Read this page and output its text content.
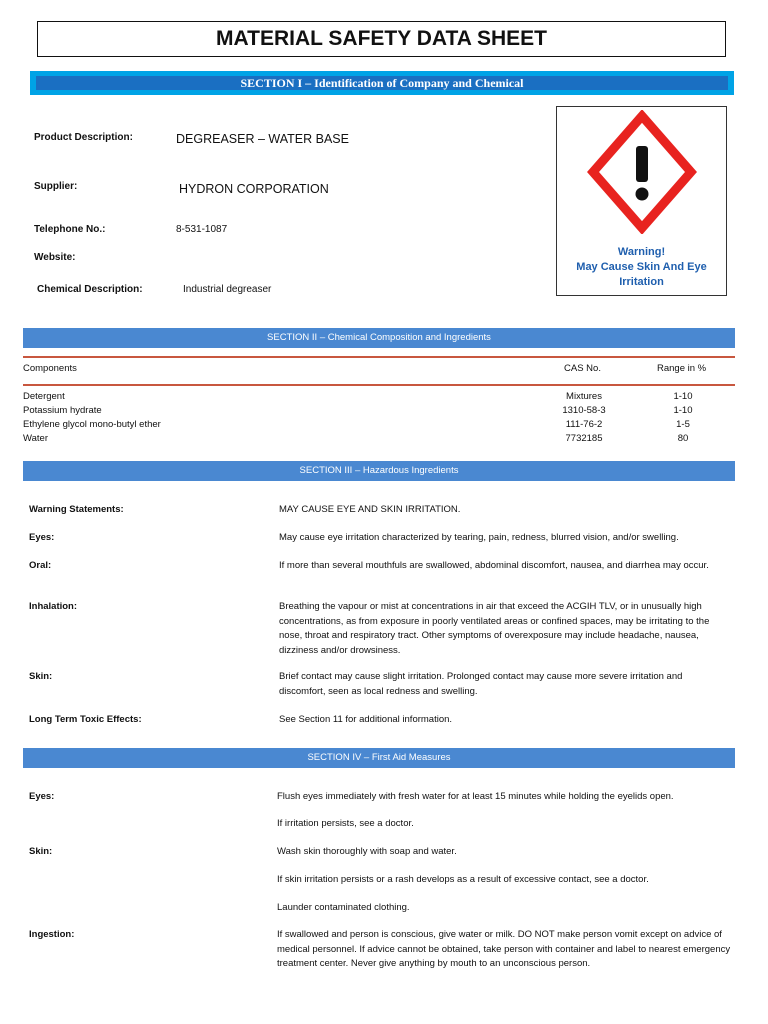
MATERIAL SAFETY DATA SHEET
SECTION I – Identification of Company and Chemical
Product Description:	DEGREASER – WATER BASE
Supplier:	HYDRON CORPORATION
Telephone No.:	8-531-1087
Website:
Chemical Description:	Industrial degreaser
Warning!
May Cause Skin And Eye
Irritation
SECTION II – Chemical Composition and Ingredients
Components	CAS No.	Range in %
Detergent	Mixtures	1-10
Potassium hydrate	1310-58-3	1-10
Ethylene glycol mono-butyl ether	111-76-2	1-5
Water	7732185	80
SECTION III – Hazardous Ingredients
Warning Statements:	MAY CAUSE EYE AND SKIN IRRITATION.
Eyes:	May cause eye irritation characterized by tearing, pain, redness, blurred vision, and/or swelling.
Oral:	If more than several mouthfuls are swallowed, abdominal discomfort, nausea, and diarrhea may occur.
Inhalation:	Breathing the vapour or mist at concentrations in air that exceed the ACGIH TLV, or in unusually high concentrations, as from exposure in poorly ventilated areas or confined spaces, may be irritating to the nose, throat and respiratory tract. Other symptoms of overexposure may include headache, nausea, dizziness and/or drowsiness.
Skin:	Brief contact may cause slight irritation. Prolonged contact may cause more severe irritation and discomfort, seen as local redness and swelling.
Long Term Toxic Effects:	See Section 11 for additional information.
SECTION IV – First Aid Measures
Eyes:	Flush eyes immediately with fresh water for at least 15 minutes while holding the eyelids open.
If irritation persists, see a doctor.
Skin:	Wash skin thoroughly with soap and water.
If skin irritation persists or a rash develops as a result of excessive contact, see a doctor.
Launder contaminated clothing.
Ingestion:	If swallowed and person is conscious, give water or milk. DO NOT make person vomit except on advice of medical personnel. If advice cannot be obtained, take person with container and label to nearest emergency treatment center. Never give anything by mouth to an unconscious person.
